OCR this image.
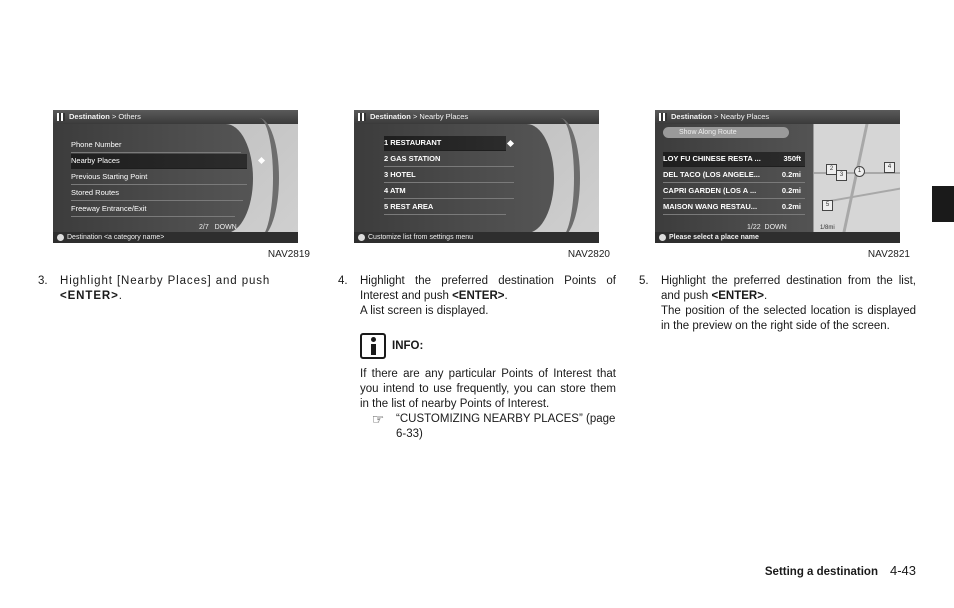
Destination > Others
Phone Number
Nearby Places
Previous Starting Point
Stored Routes
Freeway Entrance/Exit
2/7 DOWN
Destination <a category name>
NAV2819
Destination > Nearby Places
1 RESTAURANT
2 GAS STATION
3 HOTEL
4 ATM
5 REST AREA
Customize list from settings menu
NAV2820
Destination > Nearby Places
2
3
1
4
5
1/8mi
Show Along Route
LOY FU CHINESE RESTA ...	350ft
DEL TACO (LOS ANGELE...	0.2mi
CAPRI GARDEN (LOS A ...	0.2mi
MAISON WANG RESTAU...	0.2mi
1/22 DOWN
Please select a place name
NAV2821
3.	Highlight [Nearby Places] and push
<ENTER>.
4.	Highlight the preferred destination Points of Interest and push <ENTER>.
A list screen is displayed.
INFO:
If there are any particular Points of Interest that you intend to use frequently, you can store them in the list of nearby Points of Interest.
☞	“CUSTOMIZING NEARBY PLACES” (page 6-33)
5.	Highlight the preferred destination from the list, and push <ENTER>.
The position of the selected location is displayed in the preview on the right side of the screen.
Setting a destination 4-43
